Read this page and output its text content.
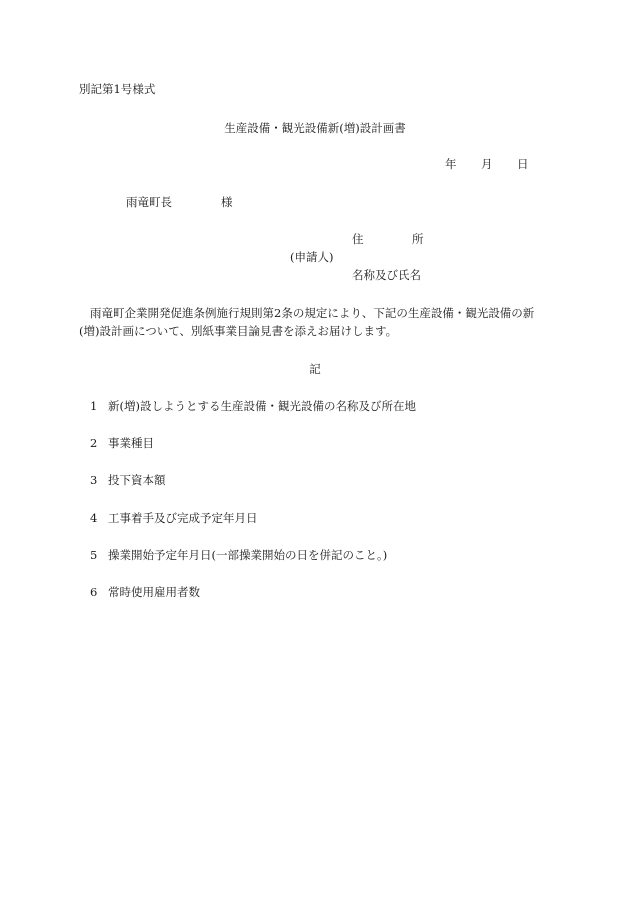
別記第1号様式
生産設備・観光設備新(増)設計画書
年 月 日
雨竜町長	様
住	所
(申請人)
名称及び氏名
雨竜町企業開発促進条例施行規則第2条の規定により、下記の生産設備・観光設備の新(増)設計画について、別紙事業目論見書を添えお届けします。
記
1 新(増)設しようとする生産設備・観光設備の名称及び所在地
2 事業種目
3 投下資本額
4 工事着手及び完成予定年月日
5 操業開始予定年月日(一部操業開始の日を併記のこと。)
6 常時使用雇用者数
